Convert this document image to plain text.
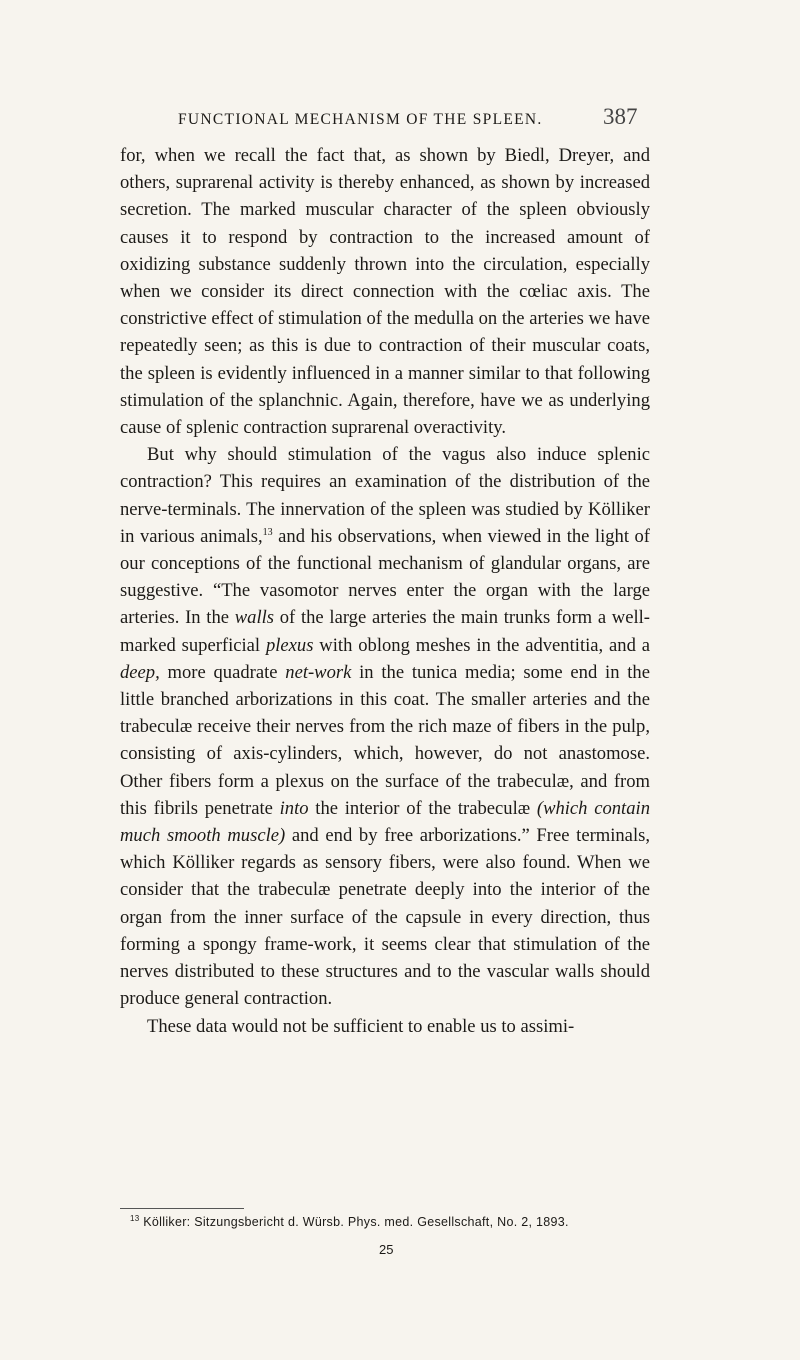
FUNCTIONAL MECHANISM OF THE SPLEEN.	387

for, when we recall the fact that, as shown by Biedl, Dreyer, and others, suprarenal activity is thereby enhanced, as shown by increased secretion. The marked muscular character of the spleen obviously causes it to respond by contraction to the increased amount of oxidizing substance suddenly thrown into the circulation, especially when we consider its direct connection with the cœliac axis. The constrictive effect of stimulation of the medulla on the arteries we have repeatedly seen; as this is due to contraction of their muscular coats, the spleen is evidently influenced in a manner similar to that following stimulation of the splanchnic. Again, therefore, have we as underlying cause of splenic contraction suprarenal overactivity.

But why should stimulation of the vagus also induce splenic contraction? This requires an examination of the distribution of the nerve-terminals. The innervation of the spleen was studied by Kölliker in various animals,$^{13}$ and his observations, when viewed in the light of our conceptions of the functional mechanism of glandular organs, are suggestive. “The vasomotor nerves enter the organ with the large arteries. In the walls of the large arteries the main trunks form a well-marked superficial plexus with oblong meshes in the adventitia, and a deep, more quadrate net-work in the tunica media; some end in the little branched arborizations in this coat. The smaller arteries and the trabeculæ receive their nerves from the rich maze of fibers in the pulp, consisting of axis-cylinders, which, however, do not anastomose. Other fibers form a plexus on the surface of the trabeculæ, and from this fibrils penetrate into the interior of the trabeculæ (which contain much smooth muscle) and end by free arborizations.” Free terminals, which Kölliker regards as sensory fibers, were also found. When we consider that the trabeculæ penetrate deeply into the interior of the organ from the inner surface of the capsule in every direction, thus forming a spongy frame-work, it seems clear that stimulation of the nerves distributed to these structures and to the vascular walls should produce general contraction.

These data would not be sufficient to enable us to assimi-

$^{13}$ Kölliker: Sitzungsbericht d. Würsb. Phys. med. Gesellschaft, No. 2, 1893.
25
